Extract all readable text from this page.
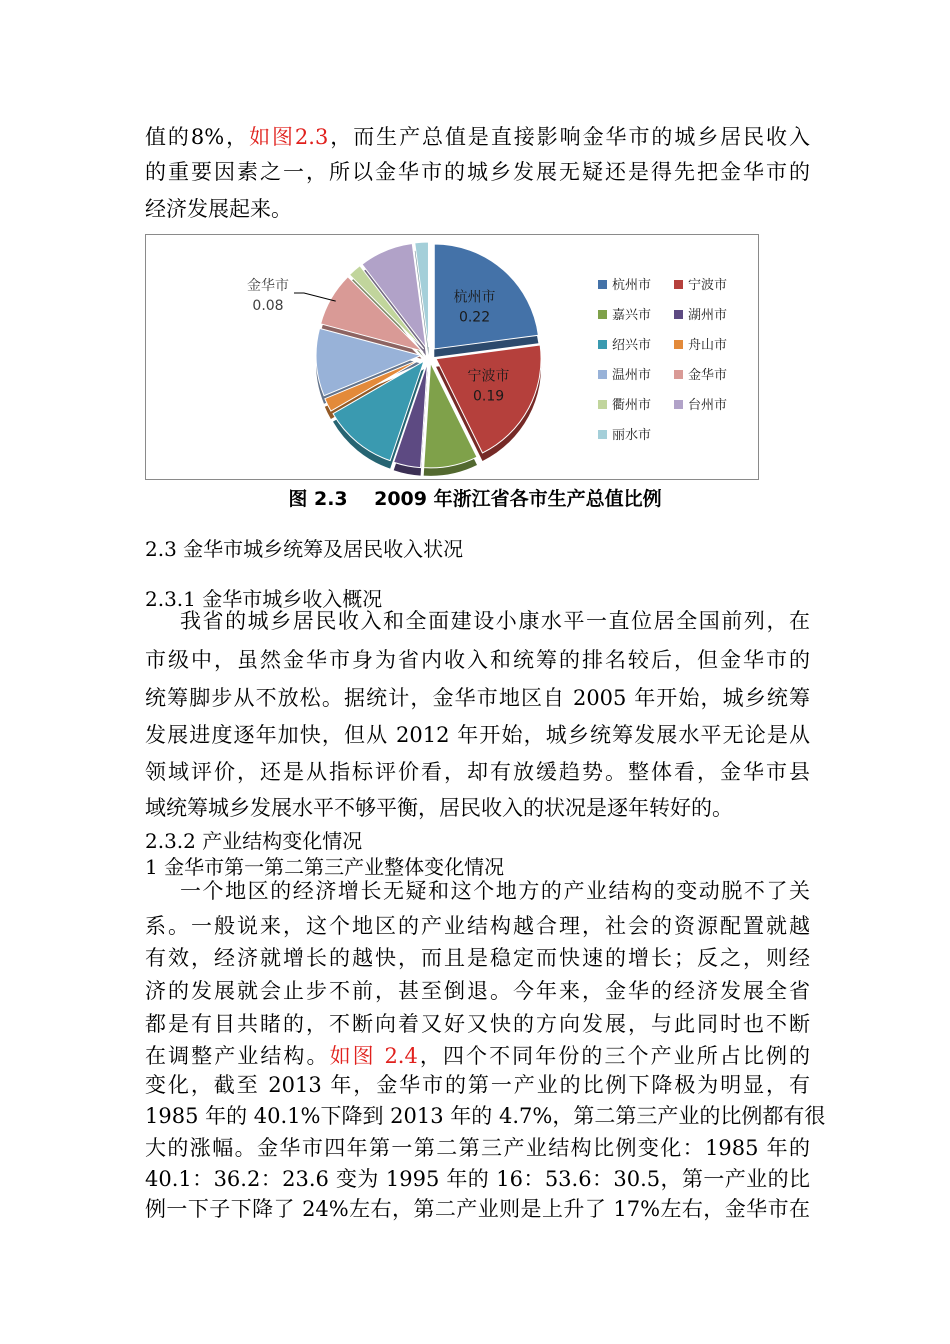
值的8%，如图2.3，而生产总值是直接影响金华市的城乡居民收入
的重要因素之一，所以金华市的城乡发展无疑还是得先把金华市的
经济发展起来。
杭州市
0.22
宁波市
0.19
金华市
0.08
杭州市	宁波市
嘉兴市	湖州市
绍兴市	舟山市
温州市	金华市
衢州市	台州市
丽水市
图 2.3    2009 年浙江省各市生产总值比例
2.3 金华市城乡统筹及居民收入状况
2.3.1 金华市城乡收入概况
我省的城乡居民收入和全面建设小康水平一直位居全国前列，在
市级中，虽然金华市身为省内收入和统筹的排名较后，但金华市的
统筹脚步从不放松。据统计，金华市地区自 2005 年开始，城乡统筹
发展进度逐年加快，但从 2012 年开始，城乡统筹发展水平无论是从
领域评价，还是从指标评价看，却有放缓趋势。整体看，金华市县
域统筹城乡发展水平不够平衡，居民收入的状况是逐年转好的。
2.3.2 产业结构变化情况
1 金华市第一第二第三产业整体变化情况
一个地区的经济增长无疑和这个地方的产业结构的变动脱不了关
系。一般说来，这个地区的产业结构越合理，社会的资源配置就越
有效，经济就增长的越快，而且是稳定而快速的增长；反之，则经
济的发展就会止步不前，甚至倒退。今年来，金华的经济发展全省
都是有目共睹的，不断向着又好又快的方向发展，与此同时也不断
在调整产业结构。如图 2.4，四个不同年份的三个产业所占比例的
变化，截至 2013 年，金华市的第一产业的比例下降极为明显，有
1985 年的 40.1%下降到 2013 年的 4.7%，第二第三产业的比例都有很
大的涨幅。金华市四年第一第二第三产业结构比例变化：1985 年的
40.1：36.2：23.6 变为 1995 年的 16：53.6：30.5，第一产业的比
例一下子下降了 24%左右，第二产业则是上升了 17%左右，金华市在
